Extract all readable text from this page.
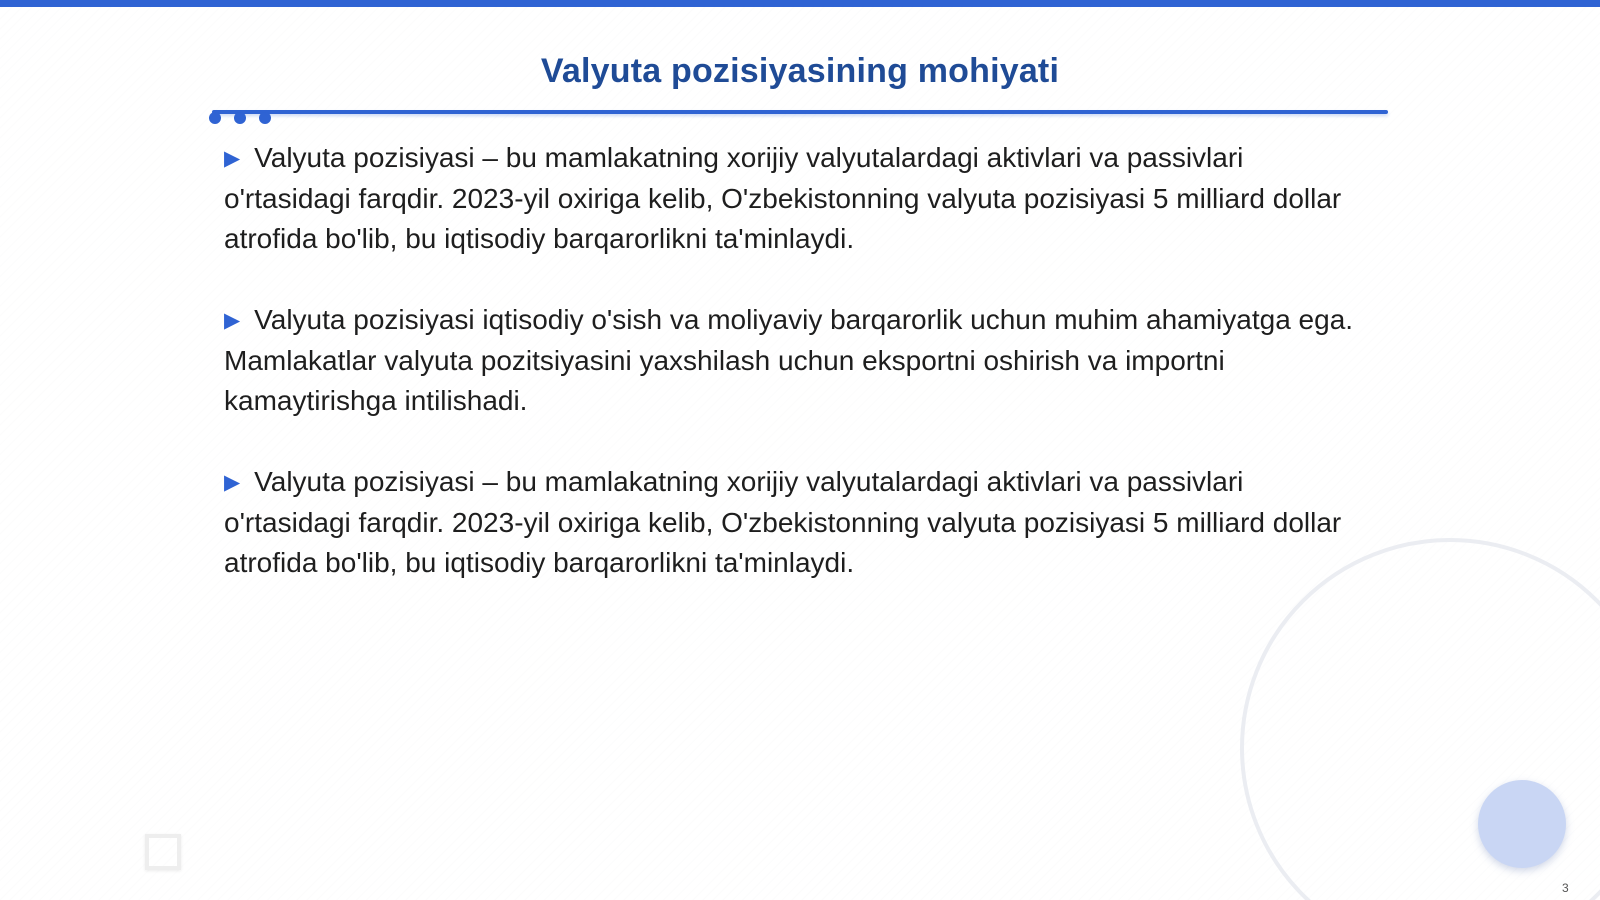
Valyuta pozisiyasining mohiyati

▶ Valyuta pozisiyasi – bu mamlakatning xorijiy valyutalardagi aktivlari va passivlari o'rtasidagi farqdir. 2023-yil oxiriga kelib, O'zbekistonning valyuta pozisiyasi 5 milliard dollar atrofida bo'lib, bu iqtisodiy barqarorlikni ta'minlaydi.

▶ Valyuta pozisiyasi iqtisodiy o'sish va moliyaviy barqarorlik uchun muhim ahamiyatga ega. Mamlakatlar valyuta pozitsiyasini yaxshilash uchun eksportni oshirish va importni kamaytirishga intilishadi.

▶ Valyuta pozisiyasi – bu mamlakatning xorijiy valyutalardagi aktivlari va passivlari o'rtasidagi farqdir. 2023-yil oxiriga kelib, O'zbekistonning valyuta pozisiyasi 5 milliard dollar atrofida bo'lib, bu iqtisodiy barqarorlikni ta'minlaydi.

3
